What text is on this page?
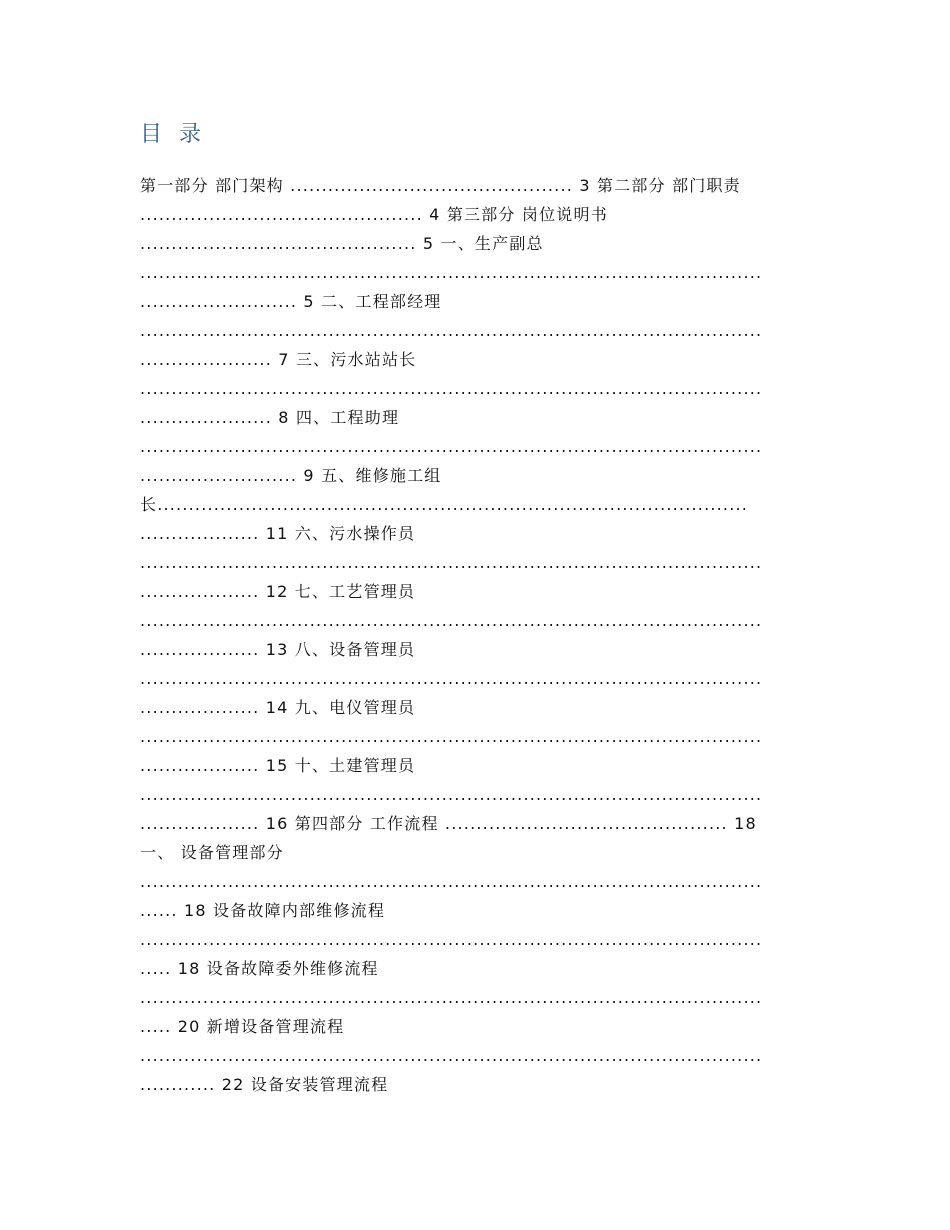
目 录
第一部分 部门架构 ............................................. 3 第二部分 部门职责
............................................. 4 第三部分 岗位说明书
............................................ 5 一、生产副总
...................................................................................................
......................... 5 二、工程部经理
...................................................................................................
..................... 7 三、污水站站长
...................................................................................................
..................... 8 四、工程助理
...................................................................................................
......................... 9 五、维修施工组
长..............................................................................................
................... 11 六、污水操作员
...................................................................................................
................... 12 七、工艺管理员
...................................................................................................
................... 13 八、设备管理员
...................................................................................................
................... 14 九、电仪管理员
...................................................................................................
................... 15 十、土建管理员
...................................................................................................
................... 16 第四部分 工作流程 ............................................. 18
一、 设备管理部分
...................................................................................................
...... 18 设备故障内部维修流程
...................................................................................................
..... 18 设备故障委外维修流程
...................................................................................................
..... 20 新增设备管理流程
...................................................................................................
............ 22 设备安装管理流程
